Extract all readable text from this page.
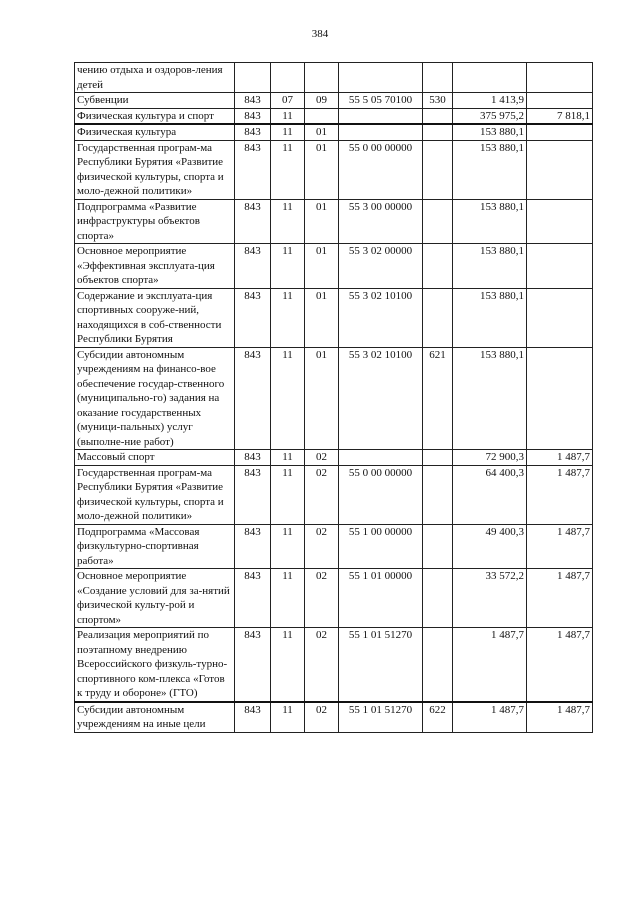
384
чению отдыха и оздоров-ления детей							
Субвенции	843	07	09	55 5 05 70100	530	1 413,9	
Физическая культура и спорт	843	11				375 975,2	7 818,1
Физическая культура	843	11	01			153 880,1	
Государственная програм-ма Республики Бурятия «Развитие физической культуры, спорта и моло-дежной политики»	843	11	01	55 0 00 00000		153 880,1	
Подпрограмма «Развитие инфраструктуры объектов спорта»	843	11	01	55 3 00 00000		153 880,1	
Основное мероприятие «Эффективная эксплуата-ция объектов спорта»	843	11	01	55 3 02 00000		153 880,1	
Содержание и эксплуата-ция спортивных сооруже-ний, находящихся в соб-ственности Республики Бурятия	843	11	01	55 3 02 10100		153 880,1	
Субсидии автономным учреждениям на финансо-вое обеспечение государ-ственного (муниципально-го) задания на оказание государственных (муници-пальных) услуг (выполне-ние работ)	843	11	01	55 3 02 10100	621	153 880,1	
Массовый спорт	843	11	02			72 900,3	1 487,7
Государственная програм-ма Республики Бурятия «Развитие физической культуры, спорта и моло-дежной политики»	843	11	02	55 0 00 00000		64 400,3	1 487,7
Подпрограмма «Массовая физкультурно-спортивная работа»	843	11	02	55 1 00 00000		49 400,3	1 487,7
Основное мероприятие «Создание условий для за-нятий физической культу-рой и спортом»	843	11	02	55 1 01 00000		33 572,2	1 487,7
Реализация мероприятий по поэтапному внедрению Всероссийского физкуль-турно-спортивного ком-плекса «Готов к труду и обороне» (ГТО)	843	11	02	55 1 01 51270		1 487,7	1 487,7
Субсидии автономным учреждениям на иные цели	843	11	02	55 1 01 51270	622	1 487,7	1 487,7
